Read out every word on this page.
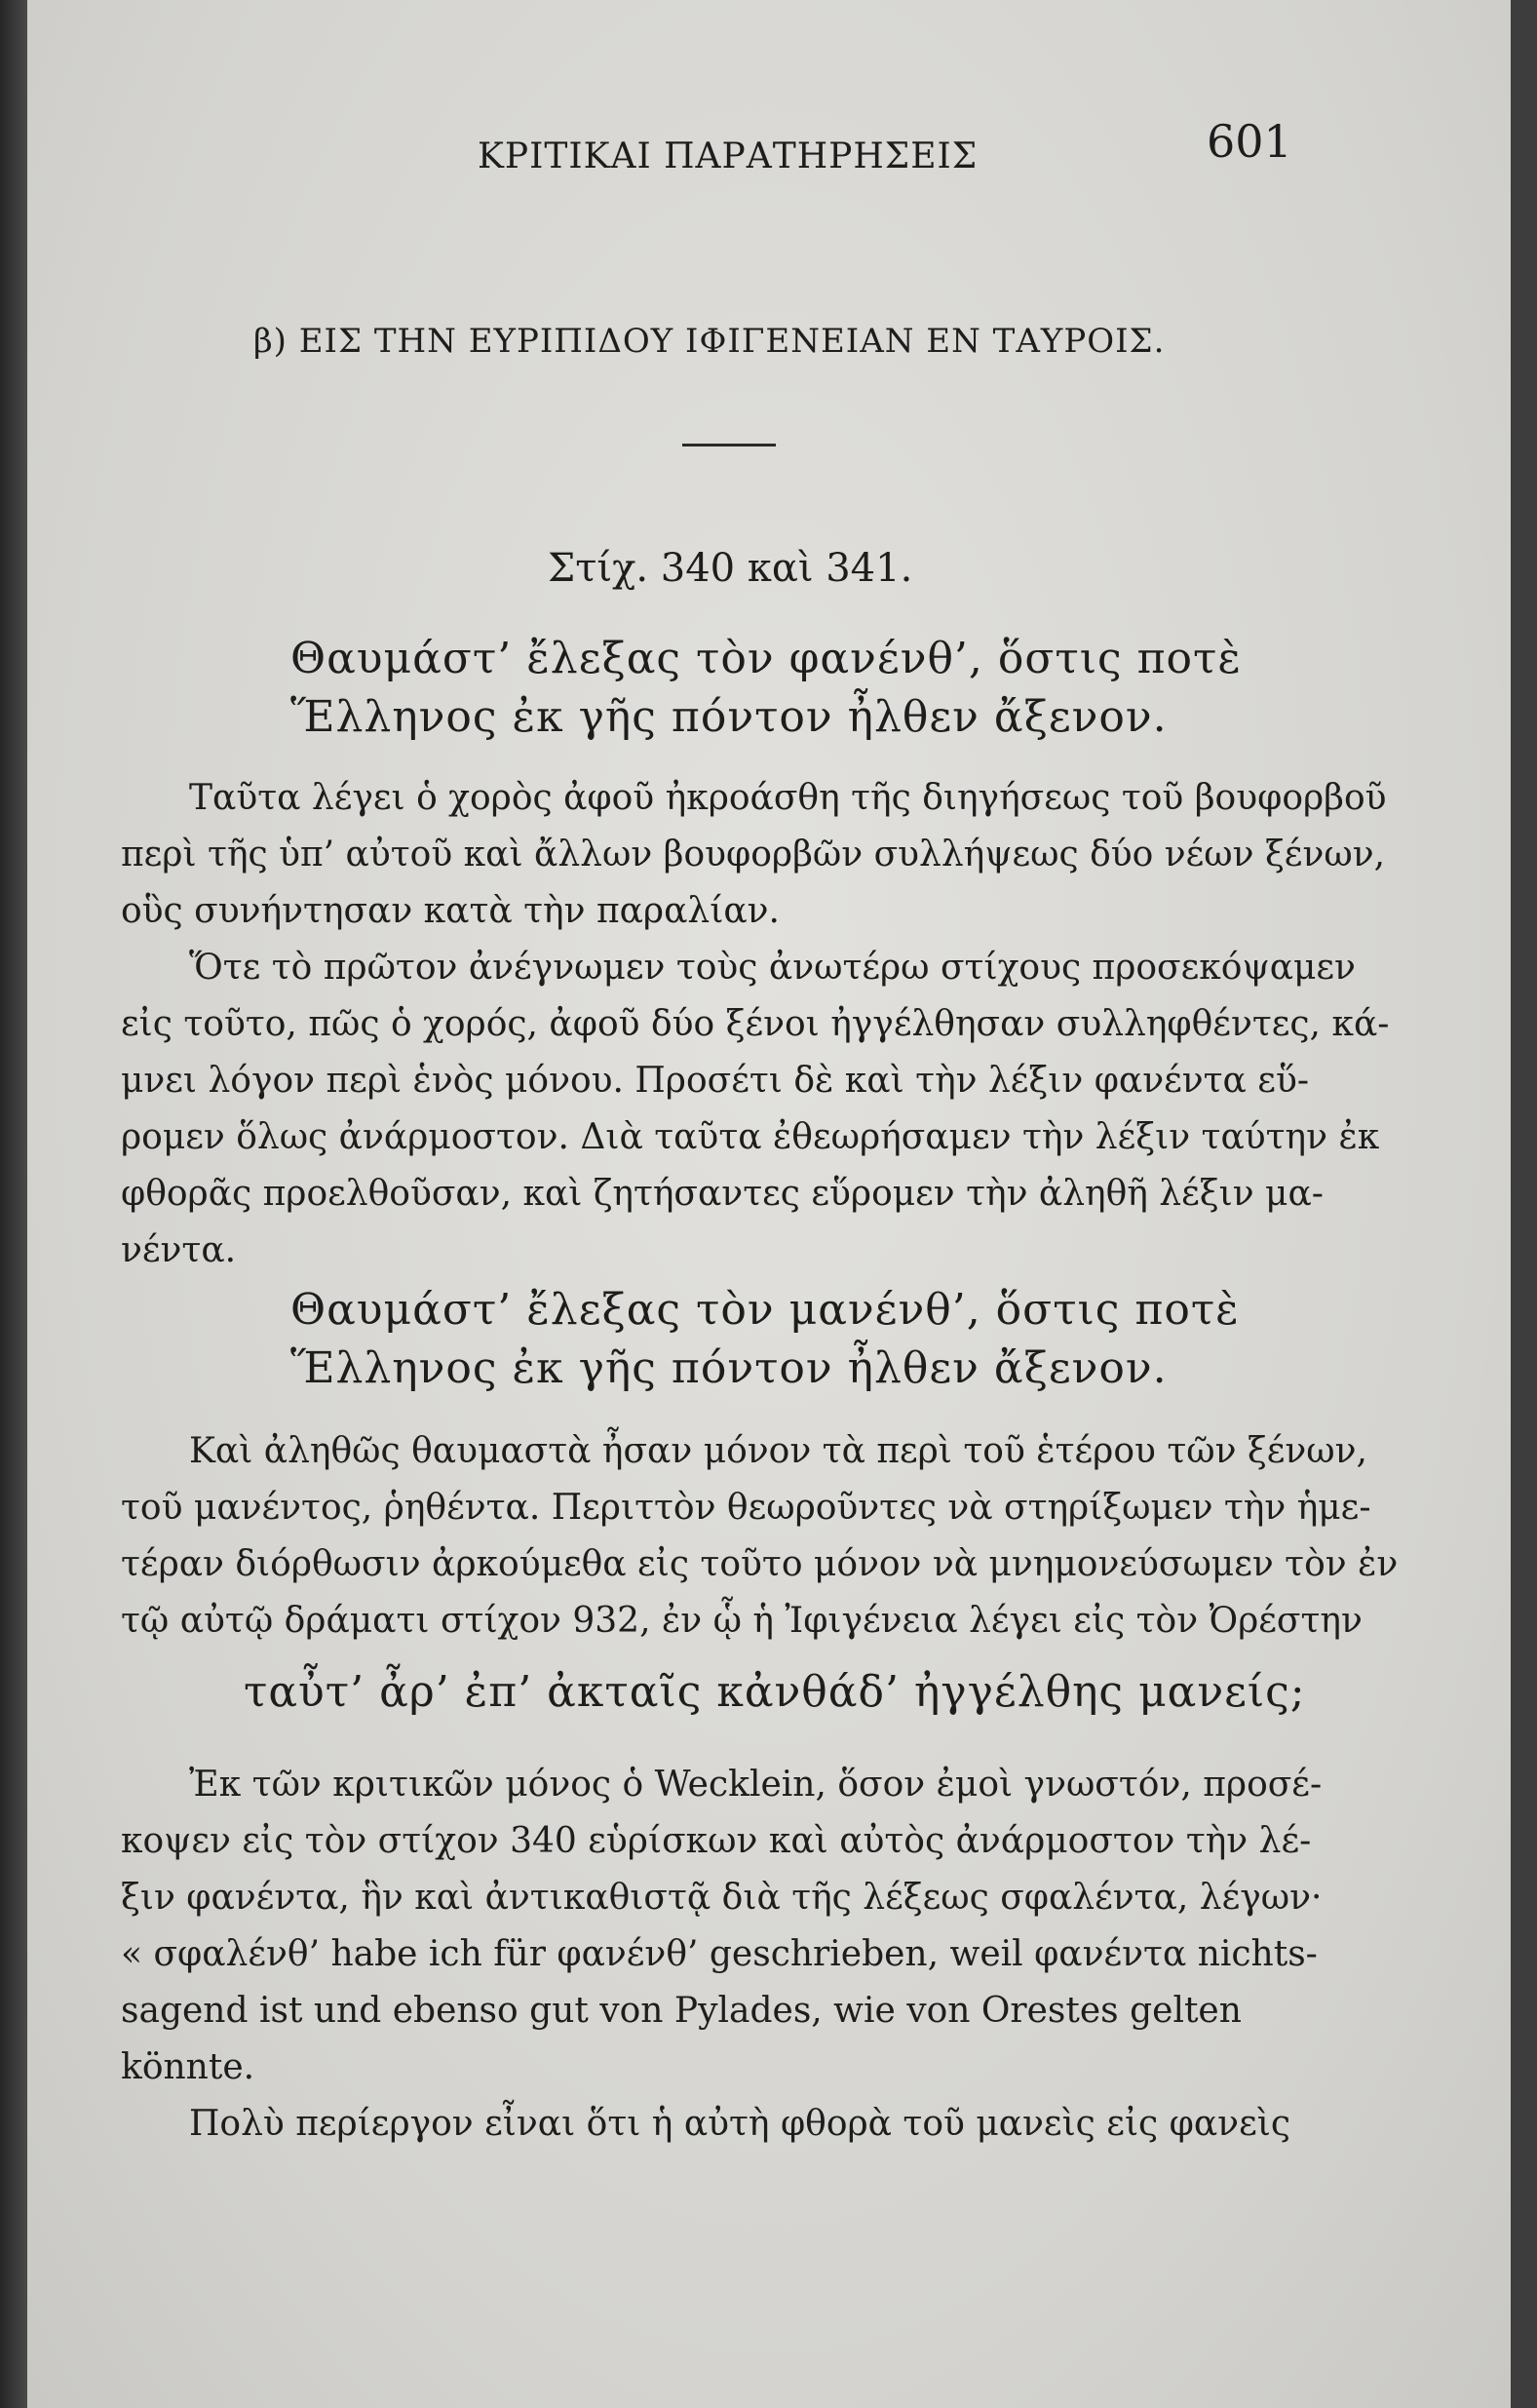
ΚΡΙΤΙΚΑΙ ΠΑΡΑΤΗΡΗΣΕΙΣ	601
β) ΕΙΣ ΤΗΝ ΕΥΡΙΠΙΔΟΥ ΙΦΙΓΕΝΕΙΑΝ ΕΝ ΤΑΥΡΟΙΣ.
Στίχ. 340 καὶ 341.
Θαυμάστ’ ἔλεξας τὸν φανένθ’, ὅστις ποτὲ
Ἕλληνος ἐκ γῆς πόντον ἦλθεν ἄξενον.
Ταῦτα λέγει ὁ χορὸς ἀφοῦ ἠκροάσθη τῆς διηγήσεως τοῦ βουφορβοῦ
περὶ τῆς ὑπ’ αὐτοῦ καὶ ἄλλων βουφορβῶν συλλήψεως δύο νέων ξένων,
οὓς συνήντησαν κατὰ τὴν παραλίαν.
Ὅτε τὸ πρῶτον ἀνέγνωμεν τοὺς ἀνωτέρω στίχους προσεκόψαμεν
εἰς τοῦτο, πῶς ὁ χορός, ἀφοῦ δύο ξένοι ἠγγέλθησαν συλληφθέντες, κά-
μνει λόγον περὶ ἑνὸς μόνου. Προσέτι δὲ καὶ τὴν λέξιν φανέντα εὕ-
ρομεν ὅλως ἀνάρμοστον. Διὰ ταῦτα ἐθεωρήσαμεν τὴν λέξιν ταύτην ἐκ
φθορᾶς προελθοῦσαν, καὶ ζητήσαντες εὕρομεν τὴν ἀληθῆ λέξιν μα-
νέντα.
Θαυμάστ’ ἔλεξας τὸν μανένθ’, ὅστις ποτὲ
Ἕλληνος ἐκ γῆς πόντον ἦλθεν ἄξενον.
Καὶ ἀληθῶς θαυμαστὰ ἦσαν μόνον τὰ περὶ τοῦ ἑτέρου τῶν ξένων,
τοῦ μανέντος, ῥηθέντα. Περιττὸν θεωροῦντες νὰ στηρίξωμεν τὴν ἡμε-
τέραν διόρθωσιν ἀρκούμεθα εἰς τοῦτο μόνον νὰ μνημονεύσωμεν τὸν ἐν
τῷ αὐτῷ δράματι στίχον 932, ἐν ᾧ ἡ Ἰφιγένεια λέγει εἰς τὸν Ὀρέστην
ταὖτ’ ἆρ’ ἐπ’ ἀκταῖς κἀνθάδ’ ἠγγέλθης μανείς;
Ἐκ τῶν κριτικῶν μόνος ὁ Wecklein, ὅσον ἐμοὶ γνωστόν, προσέ-
κοψεν εἰς τὸν στίχον 340 εὑρίσκων καὶ αὐτὸς ἀνάρμοστον τὴν λέ-
ξιν φανέντα, ἣν καὶ ἀντικαθιστᾷ διὰ τῆς λέξεως σφαλέντα, λέγων·
« σφαλένθ’ habe ich für φανένθ’ geschrieben, weil φανέντα nichts-
sagend ist und ebenso gut von Pylades, wie von Orestes gelten
könnte.
Πολὺ περίεργον εἶναι ὅτι ἡ αὐτὴ φθορὰ τοῦ μανεὶς εἰς φανεὶς
